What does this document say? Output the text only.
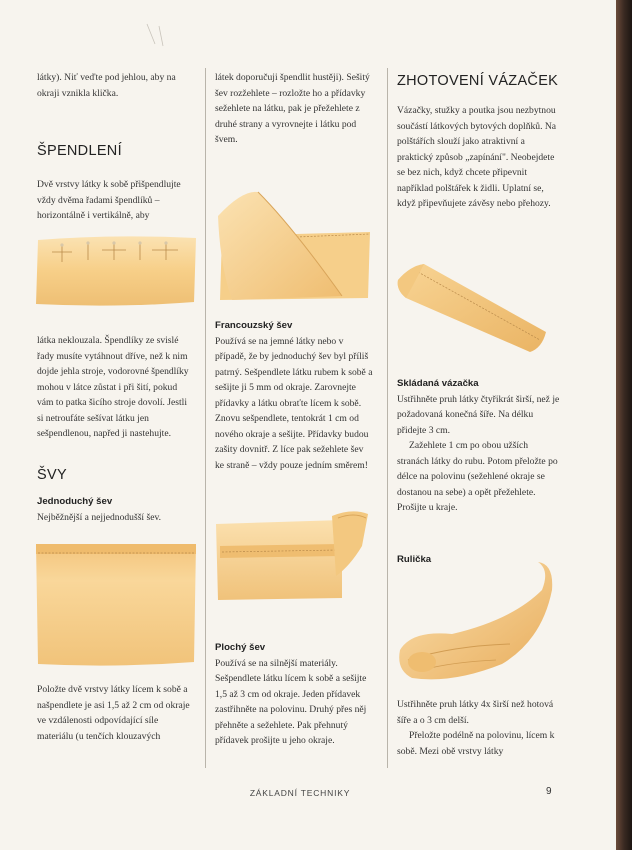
látky). Niť veďte pod jehlou, aby na okraji vznikla klička.

ŠPENDLENÍ

Dvě vrstvy látky k sobě přišpendlujte vždy dvěma řadami špendlíků – horizontálně i vertikálně, aby

látka neklouzala. Špendlíky ze svislé řady musíte vytáhnout dříve, než k nim dojde jehla stroje, vodorovné špendlíky mohou v látce zůstat i při šití, pokud vám to patka šicího stroje dovolí. Jestli si netroufáte sešívat látku jen sešpendlenou, napřed ji nastehujte.

ŠVY

Jednoduchý šev

Nejběžnější a nejjednodušší šev.

Položte dvě vrstvy látky lícem k sobě a našpendlete je asi 1,5 až 2 cm od okraje ve vzdálenosti odpovídající síle materiálu (u tenčích klouzavých

látek doporučuji špendlit hustěji). Sešitý šev rozžehlete – rozložte ho a přídavky sežehlete na látku, pak je přežehlete z druhé strany a vyrovnejte i látku pod švem.

Francouzský šev

Používá se na jemné látky nebo v případě, že by jednoduchý šev byl příliš patrný. Sešpendlete látku rubem k sobě a sešijte ji 5 mm od okraje. Zarovnejte přídavky a látku obraťte lícem k sobě. Znovu sešpendlete, tentokrát 1 cm od nového okraje a sešijte. Přídavky budou zašity dovnitř. Z líce pak sežehlete šev ke straně – vždy pouze jedním směrem!

Plochý šev

Používá se na silnější materiály. Sešpendlete látku lícem k sobě a sešijte 1,5 až 3 cm od okraje. Jeden přídavek zastřihněte na polovinu. Druhý přes něj přehněte a sežehlete. Pak přehnutý přídavek prošijte u jeho okraje.

ZHOTOVENÍ VÁZAČEK

Vázačky, stužky a poutka jsou nezbytnou součástí látkových bytových doplňků. Na polštářích slouží jako atraktivní a praktický způsob „zapínání". Neobejdete se bez nich, když chcete připevnit například polštářek k židli. Uplatní se, když připevňujete závěsy nebo přehozy.

Skládaná vázačka

Ustřihněte pruh látky čtyřikrát širší, než je požadovaná konečná šíře. Na délku přidejte 3 cm.

Zažehlete 1 cm po obou užších stranách látky do rubu. Potom přeložte po délce na polovinu (sežehlené okraje se dostanou na sebe) a opět přežehlete. Prošijte u kraje.

Rulička

Ustřihněte pruh látky 4x širší než hotová šíře a o 3 cm delší.

Přeložte podélně na polovinu, lícem k sobě. Mezi obě vrstvy látky

ZÁKLADNÍ TECHNIKY	9
